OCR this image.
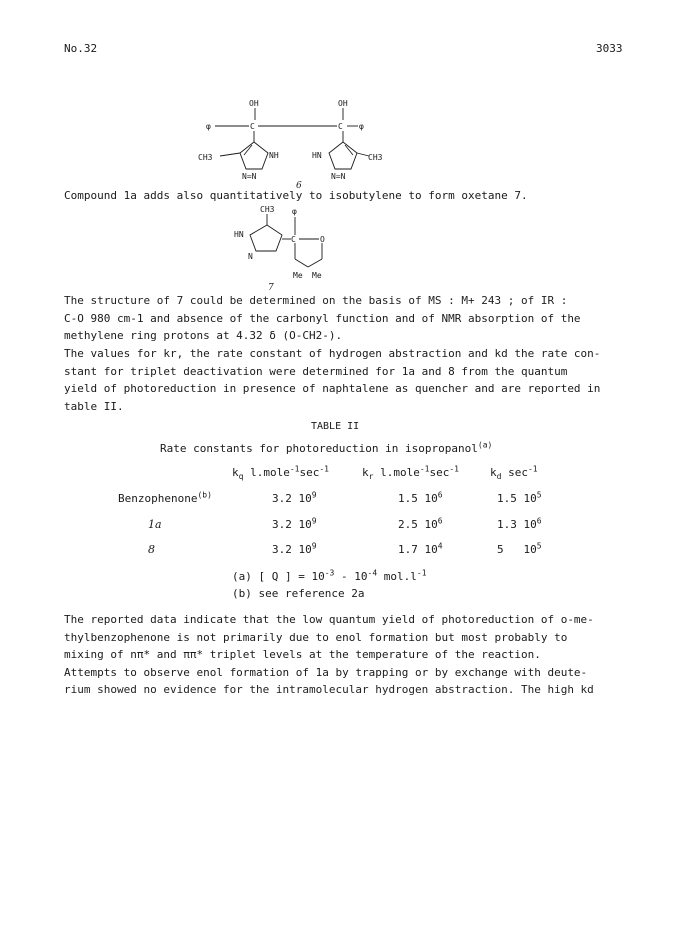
No.32	3033
OH
φ	C
OH
C φ
CH3	NH
N=N
HN	CH3
N=N
6
Compound 1a adds also quantitatively to isobutylene to form oxetane 7.
CH3
HN
N
φ
C	O
Me Me
7
The structure of 7 could be determined on the basis of MS : M+ 243 ; of IR :
C-O 980 cm-1 and absence of the carbonyl function and of NMR absorption of the
methylene ring protons at 4.32 δ (O-CH2-).
The values for kr, the rate constant of hydrogen abstraction and kd the rate con-
stant for triplet deactivation were determined for 1a and 8 from the quantum
yield of photoreduction in presence of naphtalene as quencher and are reported in
table II.
TABLE II
Rate constants for photoreduction in isopropanol$^{(a)}$
$k_q$ $l.mole^{-1}\sec^{-1}$	$k_r$ $l.mole^{-1}\sec^{-1}$	$k_d$ $\sec^{-1}$
Benzophenone$^{(b)}$	3.2 $10^9$	1.5 $10^6$	1.5 $10^5$
1a	3.2 $10^9$	2.5 $10^6$	1.3 $10^6$
8	3.2 $10^9$	1.7 $10^4$	5   $10^5$
(a) [ Q ] = $10^{-3} - 10^{-4}$ $mol.l^{-1}$
(b) see reference 2a
The reported data indicate that the low quantum yield of photoreduction of o-me-
thylbenzophenone is not primarily due to enol formation but most probably to
mixing of nπ* and ππ* triplet levels at the temperature of the reaction.
Attempts to observe enol formation of 1a by trapping or by exchange with deute-
rium showed no evidence for the intramolecular hydrogen abstraction. The high kd
